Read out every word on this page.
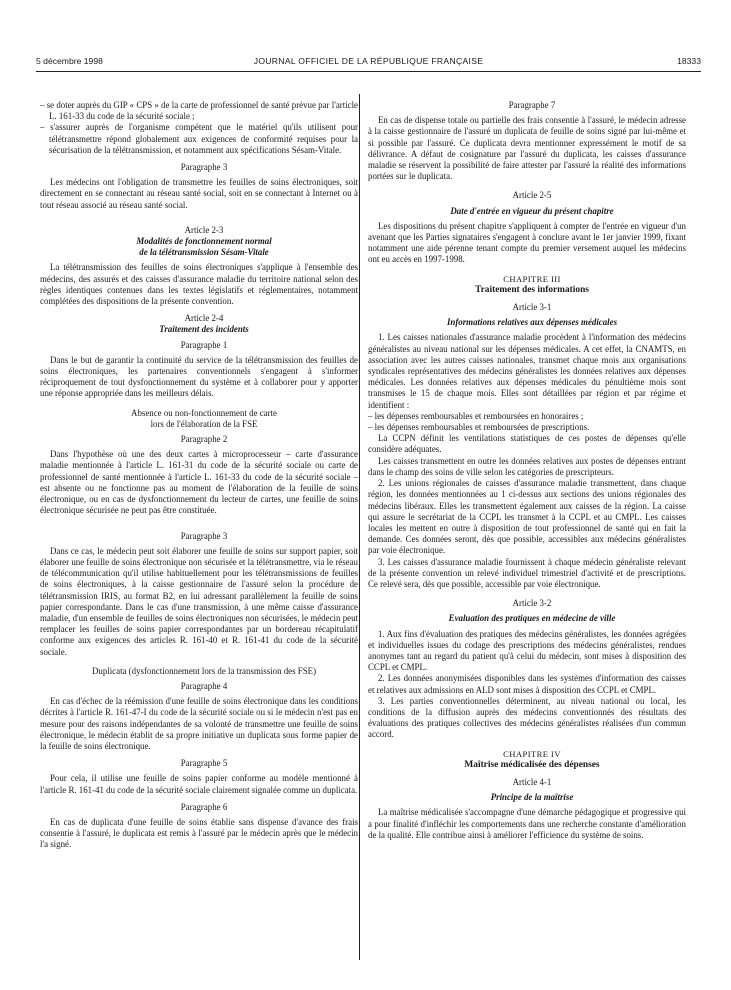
5 décembre 1998	JOURNAL OFFICIEL DE LA RÉPUBLIQUE FRANÇAISE	18333

– se doter auprès du GIP « CPS » de la carte de professionnel de santé prévue par l'article L. 161-33 du code de la sécurité sociale ;

– s'assurer auprès de l'organisme compétent que le matériel qu'ils utilisent pour télétransmettre répond globalement aux exigences de conformité requises pour la sécurisation de la télétransmission, et notamment aux spécifications Sésam-Vitale.

Paragraphe 3

Les médecins ont l'obligation de transmettre les feuilles de soins électroniques, soit directement en se connectant au réseau santé social, soit en se connectant à Internet ou à tout réseau associé au réseau santé social.

Article 2-3

Modalités de fonctionnement normal

de la télétransmission Sésam-Vitale

La télétransmission des feuilles de soins électroniques s'applique à l'ensemble des médecins, des assurés et des caisses d'assurance maladie du territoire national selon des règles identiques contenues dans les textes législatifs et réglementaires, notamment complétées des dispositions de la présente convention.

Article 2-4

Traitement des incidents

Paragraphe 1

Dans le but de garantir la continuité du service de la télétransmission des feuilles de soins électroniques, les partenaires conventionnels s'engagent à s'informer réciproquement de tout dysfonctionnement du système et à collaborer pour y apporter une réponse appropriée dans les meilleurs délais.

Absence ou non-fonctionnement de carte

lors de l'élaboration de la FSE

Paragraphe 2

Dans l'hypothèse où une des deux cartes à microprocesseur – carte d'assurance maladie mentionnée à l'article L. 161-31 du code de la sécurité sociale ou carte de professionnel de santé mentionnée à l'article L. 161-33 du code de la sécurité sociale – est absente ou ne fonctionne pas au moment de l'élaboration de la feuille de soins électronique, ou en cas de dysfonctionnement du lecteur de cartes, une feuille de soins électronique sécurisée ne peut pas être constituée.

Paragraphe 3

Dans ce cas, le médecin peut soit élaborer une feuille de soins sur support papier, soit élaborer une feuille de soins électronique non sécurisée et la télétransmettre, via le réseau de télécommunication qu'il utilise habituellement pour les télétransmissions de feuilles de soins électroniques, à la caisse gestionnaire de l'assuré selon la procédure de télétransmission IRIS, au format B2, en lui adressant parallèlement la feuille de soins papier correspondante. Dans le cas d'une transmission, à une même caisse d'assurance maladie, d'un ensemble de feuilles de soins électroniques non sécurisées, le médecin peut remplacer les feuilles de soins papier correspondantes par un bordereau récapitulatif conforme aux exigences des articles R. 161-40 et R. 161-41 du code de la sécurité sociale.

Duplicata (dysfonctionnement lors de la transmission des FSE)

Paragraphe 4

En cas d'échec de la réémission d'une feuille de soins électronique dans les conditions décrites à l'article R. 161-47-I du code de la sécurité sociale ou si le médecin n'est pas en mesure pour des raisons indépendantes de sa volonté de transmettre une feuille de soins électronique, le médecin établit de sa propre initiative un duplicata sous forme papier de la feuille de soins électronique.

Paragraphe 5

Pour cela, il utilise une feuille de soins papier conforme au modèle mentionné à l'article R. 161-41 du code de la sécurité sociale clairement signalée comme un duplicata.

Paragraphe 6

En cas de duplicata d'une feuille de soins établie sans dispense d'avance des frais consentie à l'assuré, le duplicata est remis à l'assuré par le médecin après que le médecin l'a signé.

Paragraphe 7

En cas de dispense totale ou partielle des frais consentie à l'assuré, le médecin adresse à la caisse gestionnaire de l'assuré un duplicata de feuille de soins signé par lui-même et si possible par l'assuré. Ce duplicata devra mentionner expressément le motif de sa délivrance. A défaut de cosignature par l'assuré du duplicata, les caisses d'assurance maladie se réservent la possibilité de faire attester par l'assuré la réalité des informations portées sur le duplicata.

Article 2-5

Date d'entrée en vigueur du présent chapitre

Les dispositions du présent chapitre s'appliquent à compter de l'entrée en vigueur d'un avenant que les Parties signataires s'engagent à conclure avant le 1er janvier 1999, fixant notamment une aide pérenne tenant compte du premier versement auquel les médecins ont eu accès en 1997-1998.

CHAPITRE III

Traitement des informations

Article 3-1

Informations relatives aux dépenses médicales

1. Les caisses nationales d'assurance maladie procèdent à l'information des médecins généralistes au niveau national sur les dépenses médicales. A cet effet, la CNAMTS, en association avec les autres caisses nationales, transmet chaque mois aux organisations syndicales représentatives des médecins généralistes les données relatives aux dépenses médicales. Les données relatives aux dépenses médicales du pénultième mois sont transmises le 15 de chaque mois. Elles sont détaillées par région et par régime et identifient :

– les dépenses remboursables et remboursées en honoraires ;

– les dépenses remboursables et remboursées de prescriptions.

La CCPN définit les ventilations statistiques de ces postes de dépenses qu'elle considère adéquates.

Les caisses transmettent en outre les données relatives aux postes de dépenses entrant dans le champ des soins de ville selon les catégories de prescripteurs.

2. Les unions régionales de caisses d'assurance maladie transmettent, dans chaque région, les données mentionnées au 1 ci-dessus aux sections des unions régionales des médecins libéraux. Elles les transmettent également aux caisses de la région. La caisse qui assure le secrétariat de la CCPL les transmet à la CCPL et au CMPL. Les caisses locales les mettent en outre à disposition de tout professionnel de santé qui en fait la demande. Ces données seront, dès que possible, accessibles aux médecins généralistes par voie électronique.

3. Les caisses d'assurance maladie fournissent à chaque médecin généraliste relevant de la présente convention un relevé individuel trimestriel d'activité et de prescriptions. Ce relevé sera, dès que possible, accessible par voie électronique.

Article 3-2

Evaluation des pratiques en médecine de ville

1. Aux fins d'évaluation des pratiques des médecins généralistes, les données agrégées et individuelles issues du codage des prescriptions des médecins généralistes, rendues anonymes tant au regard du patient qu'à celui du médecin, sont mises à disposition des CCPL et CMPL.

2. Les données anonymisées disponibles dans les systèmes d'information des caisses et relatives aux admissions en ALD sont mises à disposition des CCPL et CMPL.

3. Les parties conventionnelles déterminent, au niveau national ou local, les conditions de la diffusion auprès des médecins conventionnés des résultats des évaluations des pratiques collectives des médecins généralistes réalisées d'un commun accord.

CHAPITRE IV

Maîtrise médicalisée des dépenses

Article 4-1

Principe de la maîtrise

La maîtrise médicalisée s'accompagne d'une démarche pédagogique et progressive qui a pour finalité d'infléchir les comportements dans une recherche constante d'amélioration de la qualité. Elle contribue ainsi à améliorer l'efficience du système de soins.
